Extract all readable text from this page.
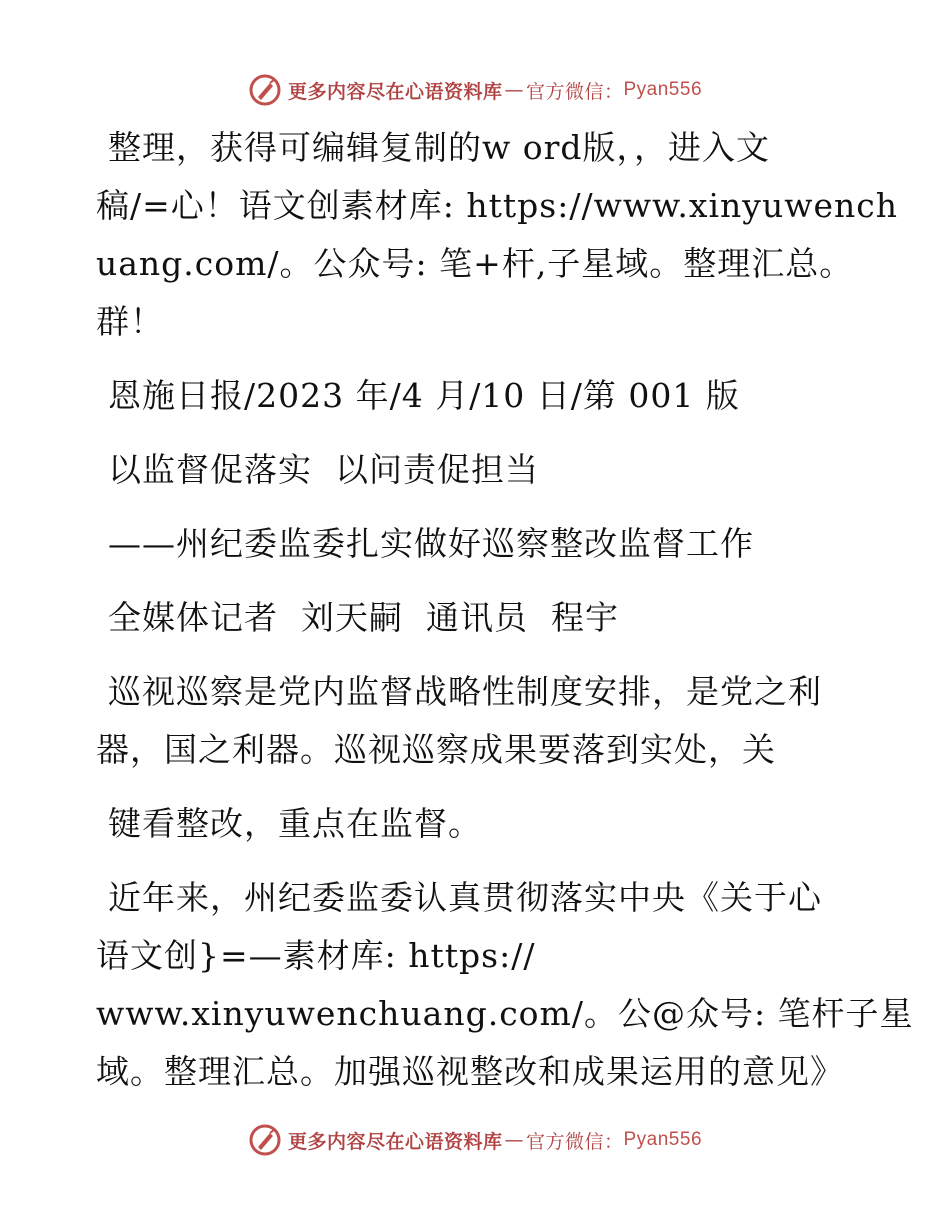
更多内容尽在心语资料库 — 官方微信： Pyan556
整理，获得可编辑复制的w ord版，，进入文
稿/=心！语文创素材库: https://www.xinyuwench
uang.com/。公众号: 笔+杆,子星域。整理汇总。
群！
恩施日报/2023 年/4 月/10 日/第 001 版
以监督促落实  以问责促担当
——州纪委监委扎实做好巡察整改监督工作
全媒体记者  刘天嗣  通讯员  程宇
巡视巡察是党内监督战略性制度安排，是党之利
器，国之利器。巡视巡察成果要落到实处，关
键看整改，重点在监督。
近年来，州纪委监委认真贯彻落实中央《关于心
语文创}=—素材库: https://
www.xinyuwenchuang.com/。公@众号: 笔杆子星
域。整理汇总。加强巡视整改和成果运用的意见》
更多内容尽在心语资料库 — 官方微信： Pyan556
